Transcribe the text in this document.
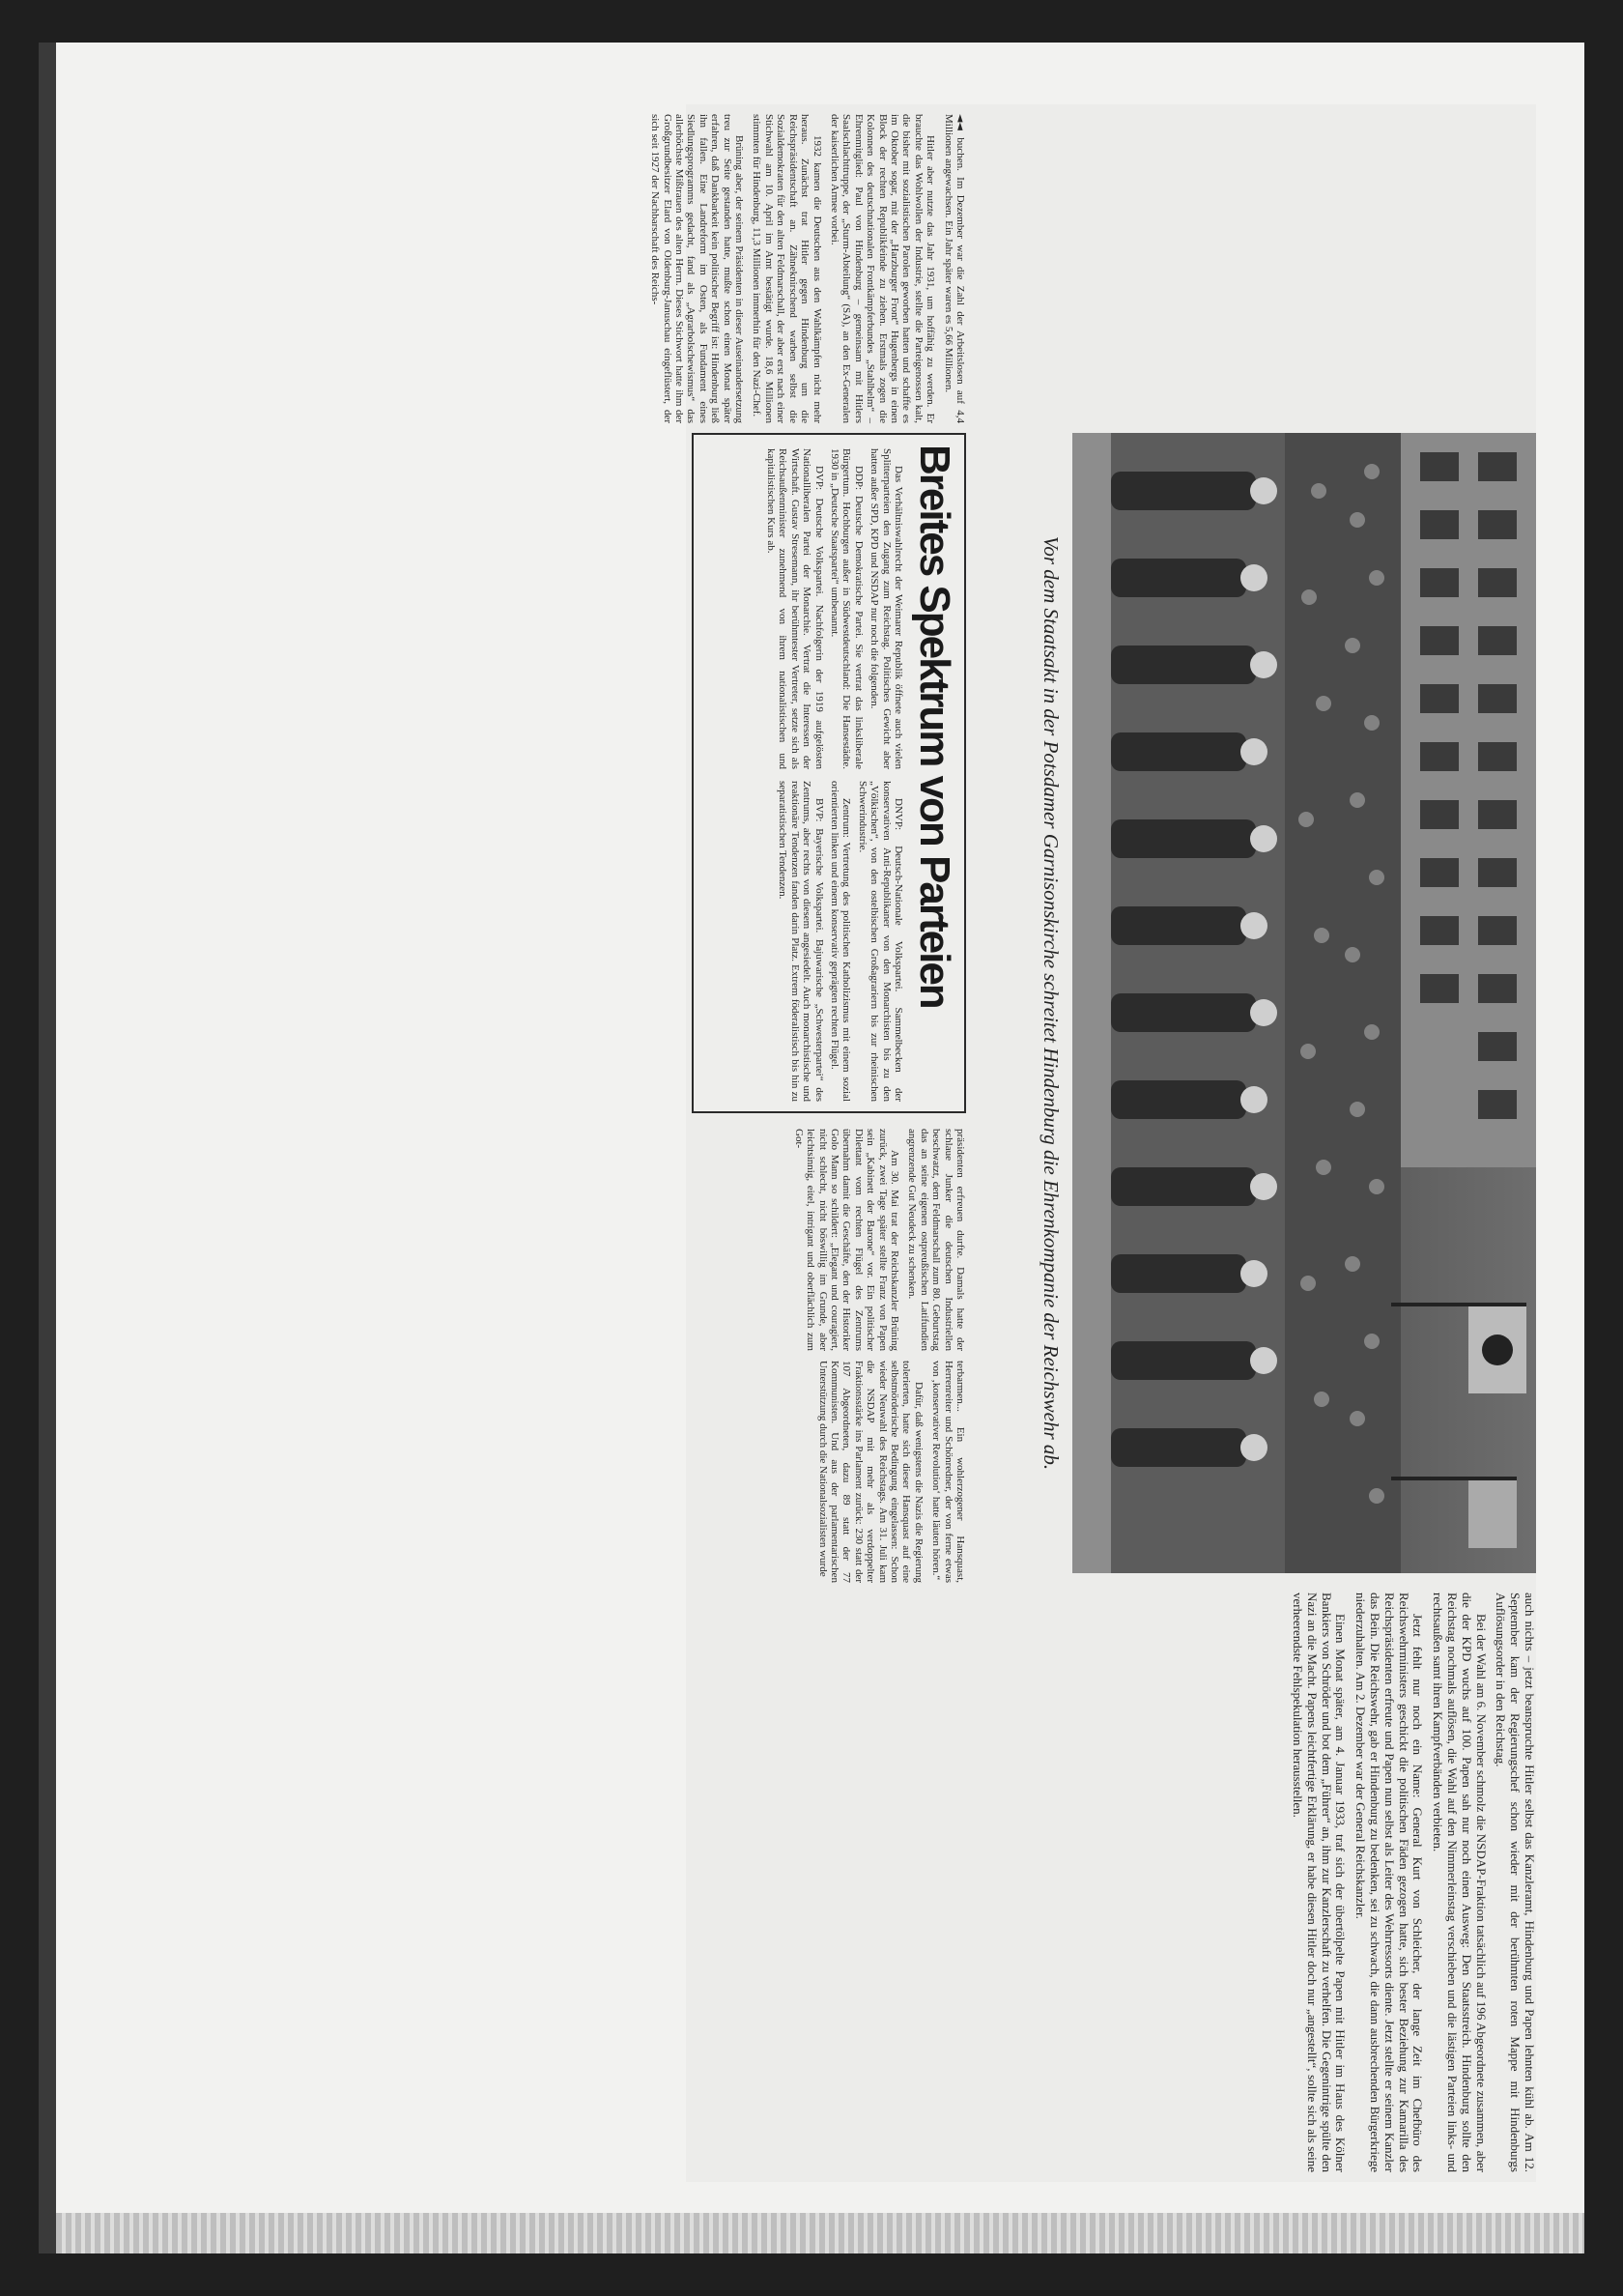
◄◄ buchen. Im Dezember war die Zahl der Arbeitslosen auf 4,4 Millionen angewachsen. Ein Jahr später waren es 5,66 Millionen.

Hitler aber nutzte das Jahr 1931, um hoffähig zu werden. Er brauchte das Wohlwollen der Industrie, stellte die Parteigenossen kalt, die bisher mit sozialistischen Parolen geworben hatten und schaffte es im Oktober sogar, mit der „Harzburger Front“ Hugenbergs in einen Block der rechten Republikfeinde zu ziehen. Erstmals zogen die Kolonnen des deutschnationalen Frontkämpferbundes „Stahlhelm“ – Ehrenmitglied: Paul von Hindenburg – gemeinsam mit Hitlers Saalschlachttruppe, der „Sturm-Abteilung“ (SA), an den Ex-Generalen der kaiserlichen Armee vorbei.

1932 kamen die Deutschen aus den Wahlkämpfen nicht mehr heraus. Zunächst trat Hitler gegen Hindenburg um die Reichspräsidentschaft an. Zähneknirschend warben selbst die Sozialdemokraten für den alten Feldmarschall, der aber erst nach einer Stichwahl am 10. April im Amt bestätigt wurde. 18,6 Millionen stimmten für Hindenburg, 11,3 Millionen immerhin für den Nazi-Chef.

Brüning aber, der seinem Präsidenten in dieser Auseinandersetzung treu zur Seite gestanden hatte, mußte schon einen Monat später erfahren, daß Dankbarkeit kein politischer Begriff ist: Hindenburg ließ ihn fallen. Eine Landreform im Osten, als Fundament eines Siedlungsprogramms gedacht, fand als „Agrarbolschewismus“ das allerhöchste Mißtrauen des alten Herrn. Dieses Stichwort hatte ihm der Großgrundbesitzer Elard von Oldenburg-Januschau eingeflüstert, der sich seit 1927 der Nachbarschaft des Reichs-

Vor dem Staatsakt in der Potsdamer Garnisonskirche schreitet Hindenburg die Ehrenkompanie der Reichswehr ab.

auch nichts – jetzt beanspruchte Hitler selbst das Kanzleramt, Hindenburg und Papen lehnten kühl ab. Am 12. September kam der Regierungschef schon wieder mit der berühmten roten Mappe mit Hindenburgs Auflösungsorder in den Reichstag.

Bei der Wahl am 6. November schmolz die NSDAP-Fraktion tatsächlich auf 196 Abgeordnete zusammen, aber die der KPD wuchs auf 100. Papen sah nur noch einen Ausweg: Den Staatsstreich. Hindenburg sollte den Reichstag nochmals auflösen, die Wahl auf den Nimmerleinstag verschieben und die lästigen Parteien links- und rechtsaußen samt ihren Kampfverbänden verbieten.

Jetzt fehlt nur noch ein Name: General Kurt von Schleicher, der lange Zeit im Chefbüro des Reichswehrministers geschickt die politischen Fäden gezogen hatte, sich bester Beziehung zur Kamarilla des Reichspräsidenten erfreute und Papen nun selbst als Leiter des Wehrressorts diente. Jetzt stellte er seinem Kanzler das Bein. Die Reichswehr, gab er Hindenburg zu bedenken, sei zu schwach, die dann ausbrechenden Bürgerkriege niederzuhalten. Am 2. Dezember war der General Reichskanzler.

Einen Monat später, am 4. Januar 1933, traf sich der übertölpelte Papen mit Hitler im Haus des Kölner Bankiers von Schröder und bot dem „Führer“ an, ihm zur Kanzlerschaft zu verhelfen. Die Gegenintrige spülte den Nazi an die Macht. Papens leichtfertige Erklärung, er habe diesen Hitler doch nur „angestellt“, sollte sich als seine verheerendste Fehlspekulation herausstellen.

Breites Spektrum von Parteien

Das Verhältniswahlrecht der Weimarer Republik öffnete auch vielen Splitterparteien den Zugang zum Reichstag. Politisches Gewicht aber hatten außer SPD, KPD und NSDAP nur noch die folgenden.

DDP: Deutsche Demokratische Partei. Sie vertrat das linksliberale Bürgertum. Hochburgen außer in Südwestdeutschland: Die Hansestädte. 1930 in „Deutsche Staatspartei“ umbenannt.

DVP: Deutsche Volkspartei. Nachfolgerin der 1919 aufgelösten Nationalliberalen Partei der Monarchie. Vertrat die Interessen der Wirtschaft. Gustav Stresemann, ihr berühmtester Vertreter, setzte sich als Reichsaußenminister zunehmend von ihrem nationalistischen und kapitalistischen Kurs ab.

DNVP: Deutsch-Nationale Volkspartei. Sammelbecken der konservativen Anti-Republikaner von den Monarchisten bis zu den „Völkischen“, von den ostelbischen Großagrariern bis zur rheinischen Schwerindustrie.

Zentrum: Vertretung des politischen Katholizismus mit einem sozial orientierten linken und einem konservativ geprägten rechten Flügel.

BVP: Bayerische Volkspartei. Bajuwarische „Schwesterpartei“ des Zentrums, aber rechts von diesem angesiedelt. Auch monarchistische und reaktionäre Tendenzen fanden darin Platz. Extrem föderalistisch bis hin zu separatistischen Tendenzen.

präsidenten erfreuen durfte. Damals hatte der schlaue Junker die deutschen Industriellen beschwatzt, dem Feldmarschall zum 80. Geburtstag das an seine eigenen ostpreußischen Latifundien angrenzende Gut Neudeck zu schenken.

Am 30. Mai trat der Reichskanzler Brüning zurück, zwei Tage später stellte Franz von Papen sein „Kabinett der Barone“ vor. Ein politischer Dilettant vom rechten Flügel des Zentrums übernahm damit die Geschäfte, den der Historiker Golo Mann so schildert: „Elegant und couragiert, nicht schlecht, nicht böswillig im Grunde, aber leichtsinnig, eitel, intrigant und oberflächlich zum Got-

terbarmen... Ein wohlerzogener Hansquast, Herrenreiter und Schönredner, der von ferne etwas von ‚konservativer Revolution‘ hatte läuten hören.“

Dafür, daß wenigstens die Nazis die Regierung tolerierten, hatte sich dieser Hansquast auf eine selbstmörderische Bedingung eingelassen: Schon wieder Neuwahl des Reichstags. Am 31. Juli kam die NSDAP mit mehr als verdoppelter Fraktionsstärke ins Parlament zurück: 230 statt der 107 Abgeordneten, dazu 89 statt der 77 Kommunisten. Und aus der parlamentarischen Unterstützung durch die Nationalsozialisten wurde
